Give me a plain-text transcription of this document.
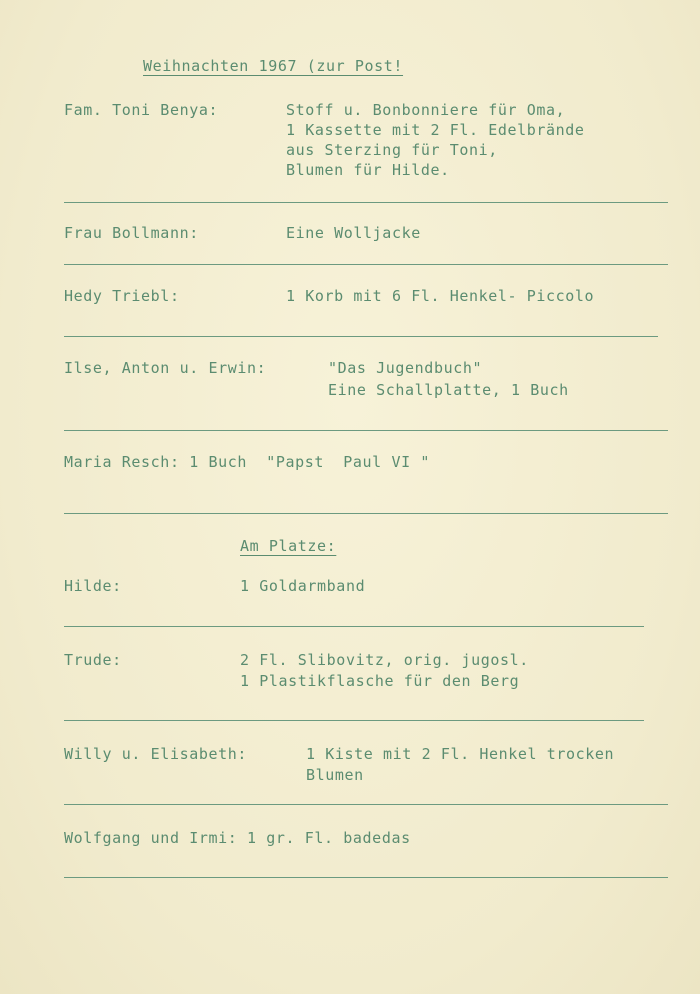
Weihnachten 1967 (zur Post!
Fam. Toni Benya:	Stoff u. Bonbonniere für Oma,
1 Kassette mit 2 Fl. Edelbrände
aus Sterzing für Toni,
Blumen für Hilde.
Frau Bollmann:	Eine Wolljacke
Hedy Triebl:	1 Korb mit 6 Fl. Henkel- Piccolo
Ilse, Anton u. Erwin:	"Das Jugendbuch"
Eine Schallplatte, 1 Buch
Maria Resch: 1 Buch  "Papst  Paul VI "
Am Platze:
Hilde:	1 Goldarmband
Trude:	2 Fl. Slibovitz, orig. jugosl.
1 Plastikflasche für den Berg
Willy u. Elisabeth:	1 Kiste mit 2 Fl. Henkel trocken
Blumen
Wolfgang und Irmi: 1 gr. Fl. badedas
